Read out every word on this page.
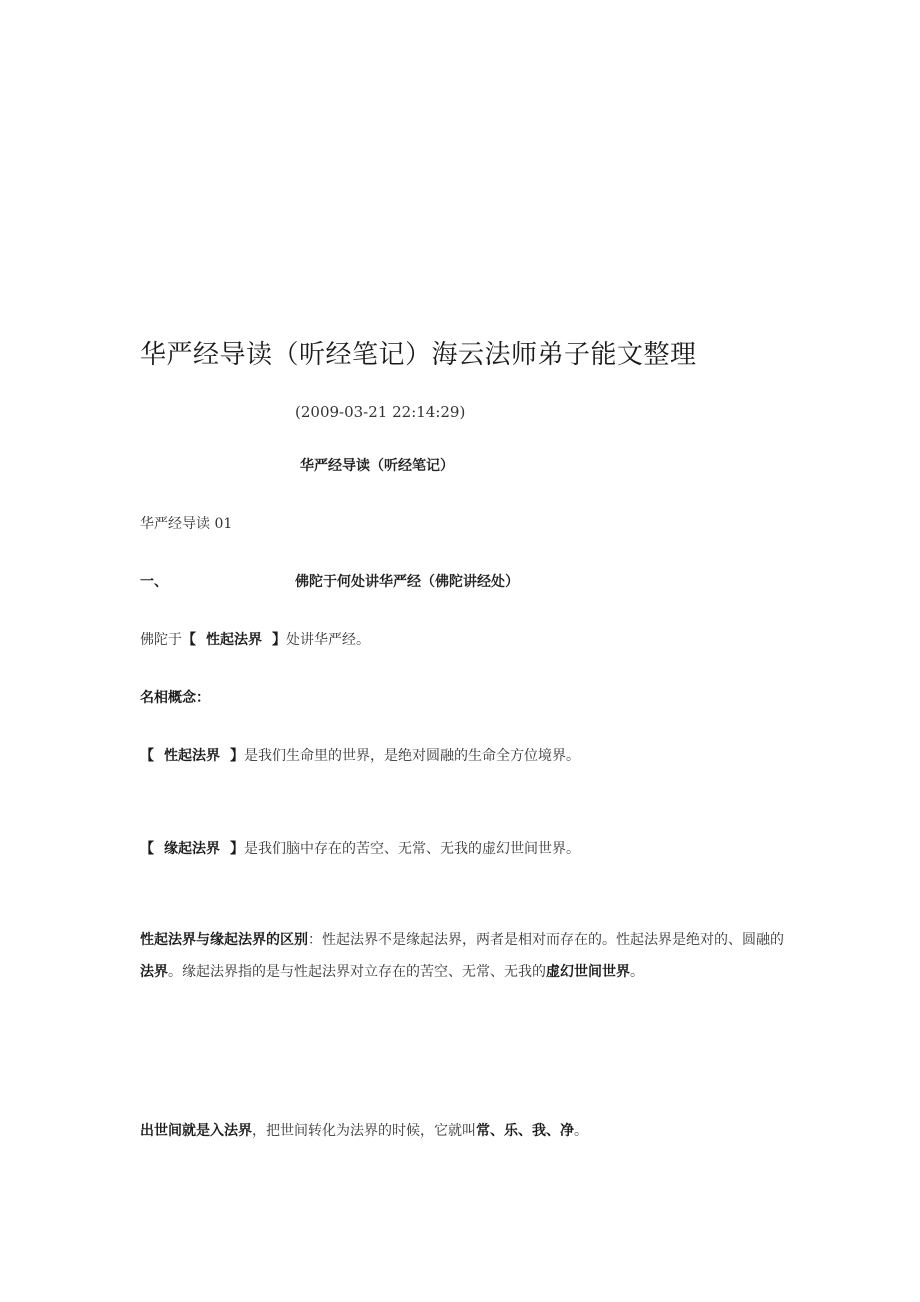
华严经导读（听经笔记）海云法师弟子能文整理
(2009-03-21 22:14:29)
华严经导读（听经笔记）
华严经导读 01
一、	佛陀于何处讲华严经（佛陀讲经处）
佛陀于【 性起法界 】处讲华严经。
名相概念：
【 性起法界 】是我们生命里的世界，是绝对圆融的生命全方位境界。
【 缘起法界 】是我们脑中存在的苦空、无常、无我的虚幻世间世界。
性起法界与缘起法界的区别：性起法界不是缘起法界，两者是相对而存在的。性起法界是绝对的、圆融的法界。缘起法界指的是与性起法界对立存在的苦空、无常、无我的虚幻世间世界。
出世间就是入法界，把世间转化为法界的时候，它就叫常、乐、我、净。
